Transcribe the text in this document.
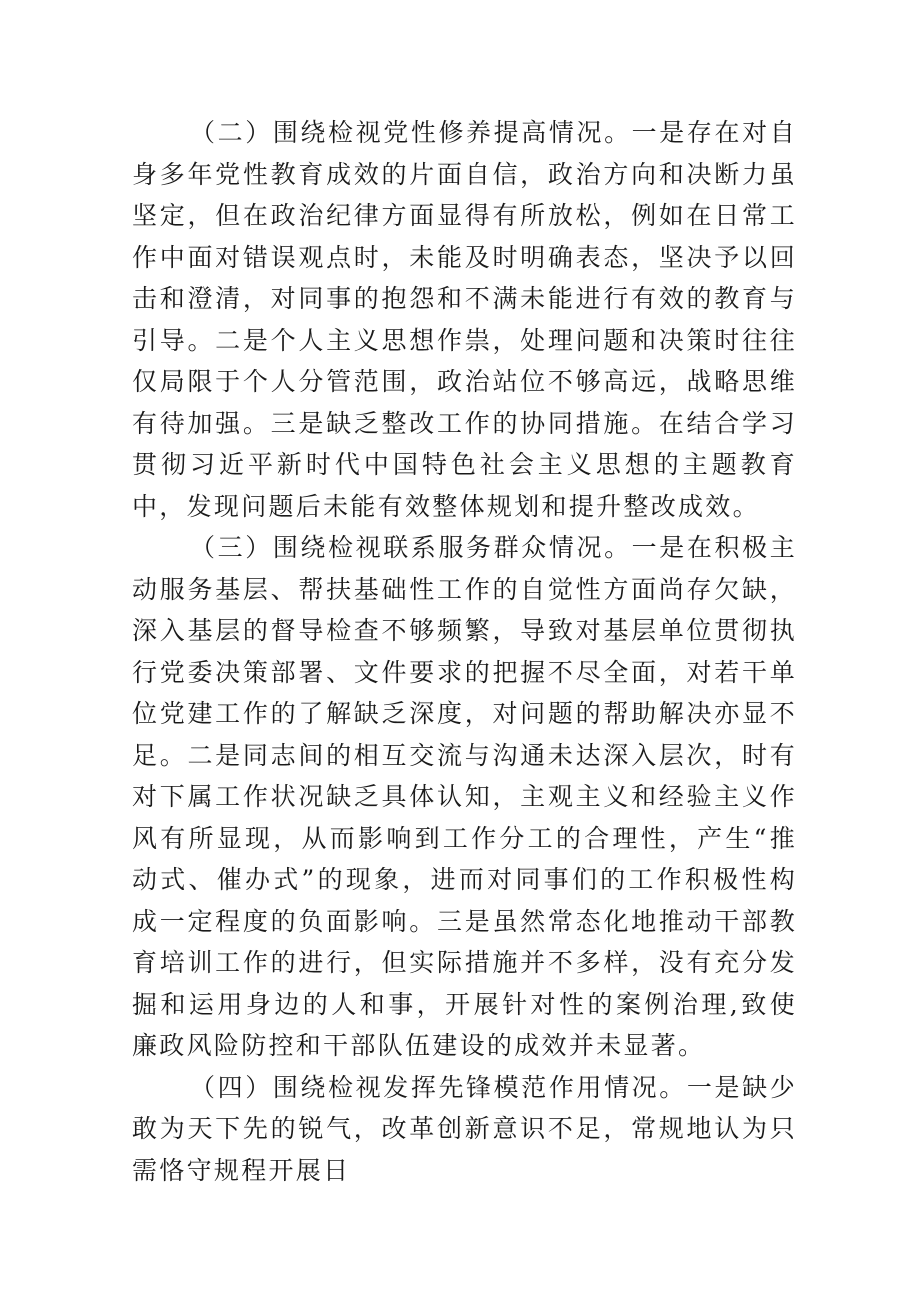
（二）围绕检视党性修养提高情况。一是存在对自身多年党性教育成效的片面自信，政治方向和决断力虽坚定，但在政治纪律方面显得有所放松，例如在日常工作中面对错误观点时，未能及时明确表态，坚决予以回击和澄清，对同事的抱怨和不满未能进行有效的教育与引导。二是个人主义思想作祟，处理问题和决策时往往仅局限于个人分管范围，政治站位不够高远，战略思维有待加强。三是缺乏整改工作的协同措施。在结合学习贯彻习近平新时代中国特色社会主义思想的主题教育中，发现问题后未能有效整体规划和提升整改成效。

（三）围绕检视联系服务群众情况。一是在积极主动服务基层、帮扶基础性工作的自觉性方面尚存欠缺，深入基层的督导检查不够频繁，导致对基层单位贯彻执行党委决策部署、文件要求的把握不尽全面，对若干单位党建工作的了解缺乏深度，对问题的帮助解决亦显不足。二是同志间的相互交流与沟通未达深入层次，时有对下属工作状况缺乏具体认知，主观主义和经验主义作风有所显现，从而影响到工作分工的合理性，产生“推动式、催办式”的现象，进而对同事们的工作积极性构成一定程度的负面影响。三是虽然常态化地推动干部教育培训工作的进行，但实际措施并不多样，没有充分发掘和运用身边的人和事，开展针对性的案例治理,致使廉政风险防控和干部队伍建设的成效并未显著。

（四）围绕检视发挥先锋模范作用情况。一是缺少敢为天下先的锐气，改革创新意识不足，常规地认为只需恪守规程开展日
